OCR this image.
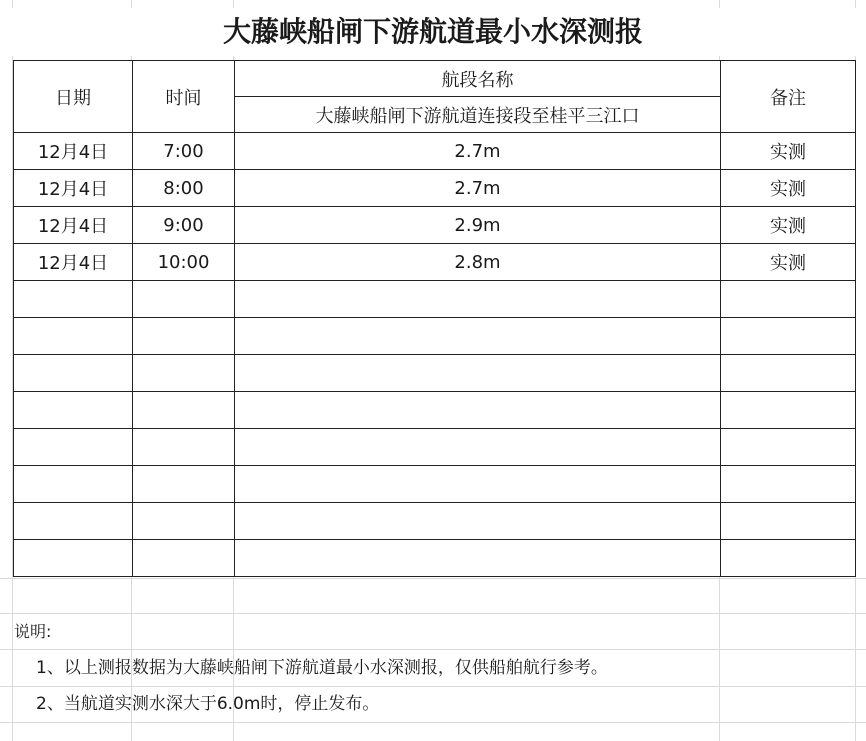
大藤峡船闸下游航道最小水深测报
日期	时间	航段名称	备注
		大藤峡船闸下游航道连接段至桂平三江口	
12月4日	7:00	2.7m	实测
12月4日	8:00	2.7m	实测
12月4日	9:00	2.9m	实测
12月4日	10:00	2.8m	实测

说明:
1、以上测报数据为大藤峡船闸下游航道最小水深测报，仅供船舶航行参考。
2、当航道实测水深大于6.0m时，停止发布。
